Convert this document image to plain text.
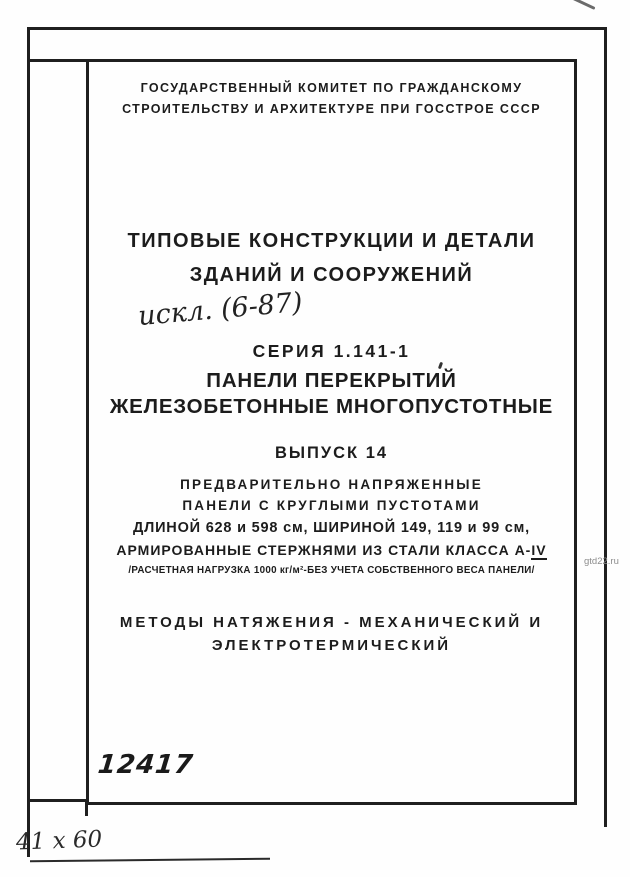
ГОСУДАРСТВЕННЫЙ КОМИТЕТ ПО ГРАЖДАНСКОМУ
СТРОИТЕЛЬСТВУ И АРХИТЕКТУРЕ ПРИ ГОССТРОЕ СССР
ТИПОВЫЕ КОНСТРУКЦИИ И ДЕТАЛИ
ЗДАНИЙ И СООРУЖЕНИЙ
искл. (6-87)
СЕРИЯ 1.141-1
ПАНЕЛИ ПЕРЕКРЫТИЙ
ЖЕЛЕЗОБЕТОННЫЕ МНОГОПУСТОТНЫЕ
ВЫПУСК 14
ПРЕДВАРИТЕЛЬНО НАПРЯЖЕННЫЕ
ПАНЕЛИ С КРУГЛЫМИ ПУСТОТАМИ
ДЛИНОЙ 628 и 598 см, ШИРИНОЙ 149, 119 и 99 см,
АРМИРОВАННЫЕ СТЕРЖНЯМИ ИЗ СТАЛИ КЛАССА А-IV
/РАСЧЕТНАЯ НАГРУЗКА 1000 кг/м²-БЕЗ УЧЕТА СОБСТВЕННОГО ВЕСА ПАНЕЛИ/
МЕТОДЫ НАТЯЖЕНИЯ - МЕХАНИЧЕСКИЙ И
ЭЛЕКТРОТЕРМИЧЕСКИЙ
12417
41 х 60
gtd22.ru
